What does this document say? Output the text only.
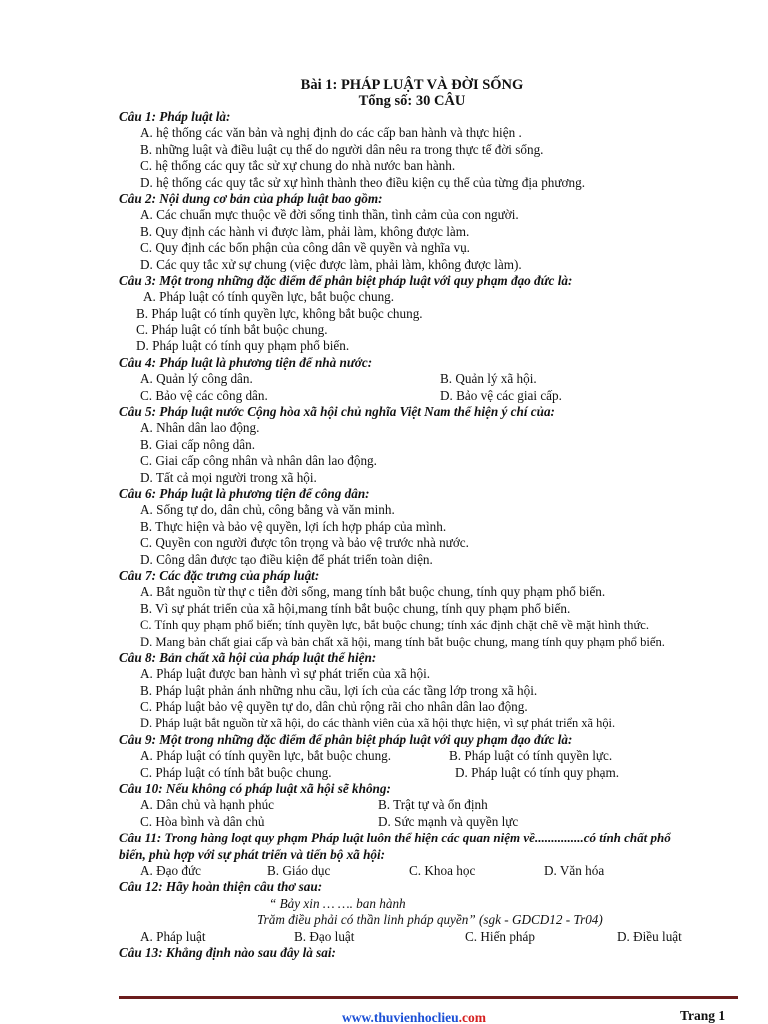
Bài 1: PHÁP LUẬT VÀ ĐỜI SỐNG
Tổng số: 30 CÂU
Câu 1: Pháp luật là:
A. hệ thống các văn bản và nghị định do các cấp ban hành và thực hiện .
B. những luật và điều luật cụ thể do người dân nêu ra trong thực tế đời sống.
C. hệ thống các quy tắc sử xự chung do nhà nước ban hành.
D. hệ thống các quy tắc sử xự hình thành theo điều kiện cụ thể của từng địa phương.
Câu 2: Nội dung cơ bản của pháp luật bao gồm:
A. Các chuẩn mực thuộc về đời sống tinh thần, tình cảm của con người.
B. Quy định các hành vi được làm, phải làm, không được làm.
C. Quy định các bổn phận của công dân về quyền và nghĩa vụ.
D. Các quy tắc xử sự chung (việc được làm, phải làm, không được làm).
Câu 3: Một trong những đặc điểm để phân biệt pháp luật với quy phạm đạo đức là:
A. Pháp luật có tính quyền lực, bắt buộc chung.
B. Pháp luật có tính quyền lực, không bắt buộc chung.
C. Pháp luật có tính bắt buộc chung.
D. Pháp luật có tính quy phạm phổ biến.
Câu 4: Pháp luật là phương tiện để nhà nước:
A. Quản lý công dân.	B. Quản lý xã hội.
C. Bảo vệ các công dân.	D. Bảo vệ các giai cấp.
Câu 5: Pháp luật nước Cộng hòa xã hội chủ nghĩa Việt Nam thể hiện ý chí của:
A. Nhân dân lao động.
B. Giai cấp nông dân.
C. Giai cấp công nhân và nhân dân lao động.
D. Tất cả mọi người trong xã hội.
Câu 6: Pháp luật là phương tiện để công dân:
A. Sống tự do, dân chủ, công bằng và văn minh.
B. Thực hiện và bảo vệ quyền, lợi ích hợp pháp của mình.
C. Quyền con người được tôn trọng và bảo vệ trước nhà nước.
D. Công dân được tạo điều kiện để phát triển toàn diện.
Câu 7: Các đặc trưng của pháp luật:
A. Bắt nguồn từ thự c tiễn đời sống, mang tính bắt buộc chung, tính quy phạm phổ biến.
B. Vì sự phát triển của xã hội,mang tính bắt buộc chung, tính quy phạm phổ biến.
C. Tính quy phạm phổ biến; tính quyền lực, bắt buộc chung; tính xác định chặt chẽ về mặt hình thức.
D. Mang bản chất giai cấp và bản chất xã hội, mang tính bắt buộc chung, mang tính quy phạm phổ biến.
Câu 8: Bản chất xã hội của pháp luật thể hiện:
A. Pháp luật được ban hành vì sự phát triển của xã hội.
B. Pháp luật phản ánh những nhu cầu, lợi ích của các tầng lớp trong xã hội.
C. Pháp luật bảo vệ quyền tự do, dân chủ rộng rãi cho nhân dân lao động.
D. Pháp luật bắt nguồn từ xã hội, do các thành viên của xã hội thực hiện, vì sự phát triển xã hội.
Câu 9: Một trong những đặc điểm để phân biệt pháp luật với quy phạm đạo đức là:
A. Pháp luật có tính quyền lực, bắt buộc chung.	B. Pháp luật có tính quyền lực.
C. Pháp luật có tính bắt buộc chung.	D. Pháp luật có tính quy phạm.
Câu 10: Nếu không có pháp luật xã hội sẽ không:
A. Dân chủ và hạnh phúc	B. Trật tự và ổn định
C. Hòa bình và dân chủ	D. Sức mạnh và quyền lực
Câu 11: Trong hàng loạt quy phạm Pháp luật luôn thể hiện các quan niệm về...............có tính chất phổ
biến, phù hợp với sự phát triển và tiến bộ xã hội:
A. Đạo đức	B. Giáo dục	C. Khoa học	D. Văn hóa
Câu 12: Hãy hoàn thiện câu thơ sau:
“ Bảy xin … …. ban hành
Trăm điều phải có thần linh pháp quyền” (sgk - GDCD12 - Tr04)
A. Pháp luật	B. Đạo luật	C. Hiến pháp	D. Điều luật
Câu 13: Khẳng định nào sau đây là sai:
www.thuvienhoclieu.com	Trang 1
